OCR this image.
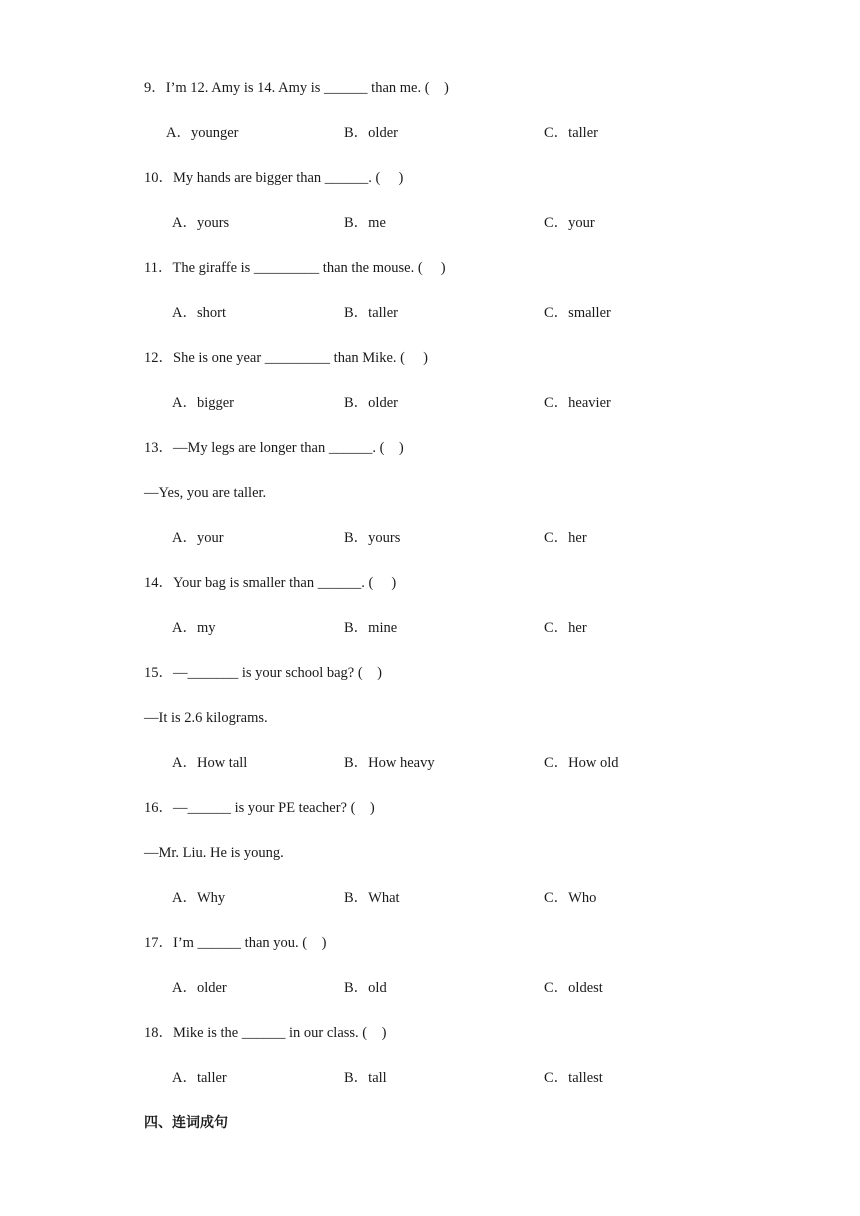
9．I’m 12. Amy is 14. Amy is ______ than me. (    )
A．younger	B．older	C．taller
10．My hands are bigger than ______. (     )
A．yours	B．me	C．your
11．The giraffe is _________ than the mouse. (     )
A．short	B．taller	C．smaller
12．She is one year _________ than Mike. (     )
A．bigger	B．older	C．heavier
13．—My legs are longer than ______. (    )
—Yes, you are taller.
A．your	B．yours	C．her
14．Your bag is smaller than ______. (     )
A．my	B．mine	C．her
15．—_______ is your school bag? (    )
—It is 2.6 kilograms.
A．How tall	B．How heavy	C．How old
16．—______ is your PE teacher? (    )
—Mr. Liu. He is young.
A．Why	B．What	C．Who
17．I’m ______ than you. (    )
A．older	B．old	C．oldest
18．Mike is the ______ in our class. (    )
A．taller	B．tall	C．tallest
四、连词成句
